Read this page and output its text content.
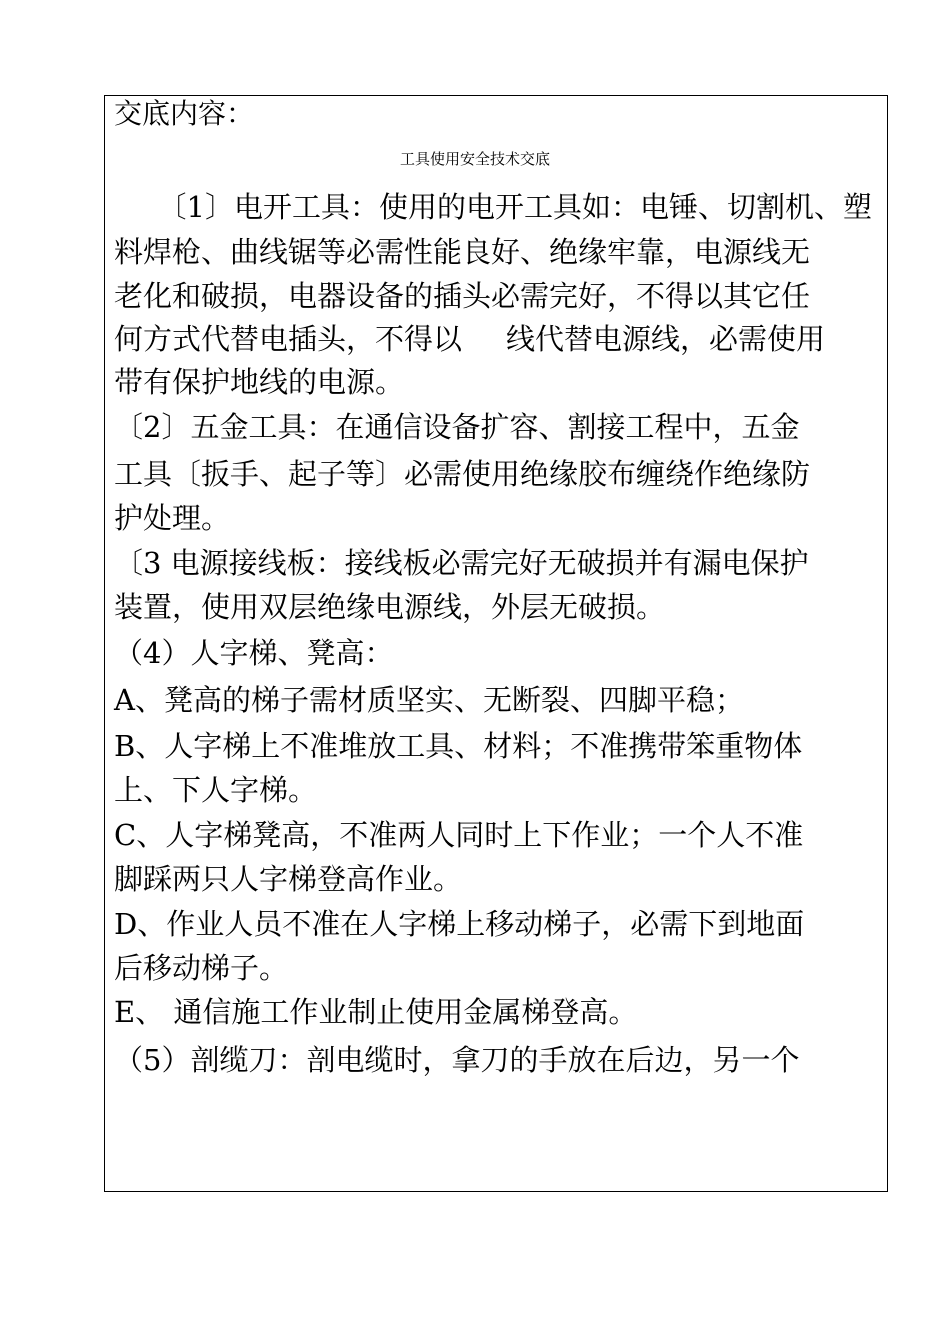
交底内容：
工具使用安全技术交底
　　〔1〕电开工具：使用的电开工具如：电锤、切割机、塑
料焊枪、曲线锯等必需性能良好、绝缘牢靠，电源线无
老化和破损，电器设备的插头必需完好，不得以其它任
何方式代替电插头，不得以 线代替电源线，必需使用
带有保护地线的电源。
〔2〕五金工具：在通信设备扩容、割接工程中，五金
工具〔扳手、起子等〕必需使用绝缘胶布缠绕作绝缘防
护处理。
〔3 电源接线板：接线板必需完好无破损并有漏电保护
装置，使用双层绝缘电源线，外层无破损。
（4）人字梯、凳高：
A、凳高的梯子需材质坚实、无断裂、四脚平稳；
B、人字梯上不准堆放工具、材料；不准携带笨重物体
上、下人字梯。
C、人字梯凳高，不准两人同时上下作业；一个人不准
脚踩两只人字梯登高作业。
D、作业人员不准在人字梯上移动梯子，必需下到地面
后移动梯子。
E、 通信施工作业制止使用金属梯登高。
（5）剖缆刀：剖电缆时，拿刀的手放在后边，另一个
